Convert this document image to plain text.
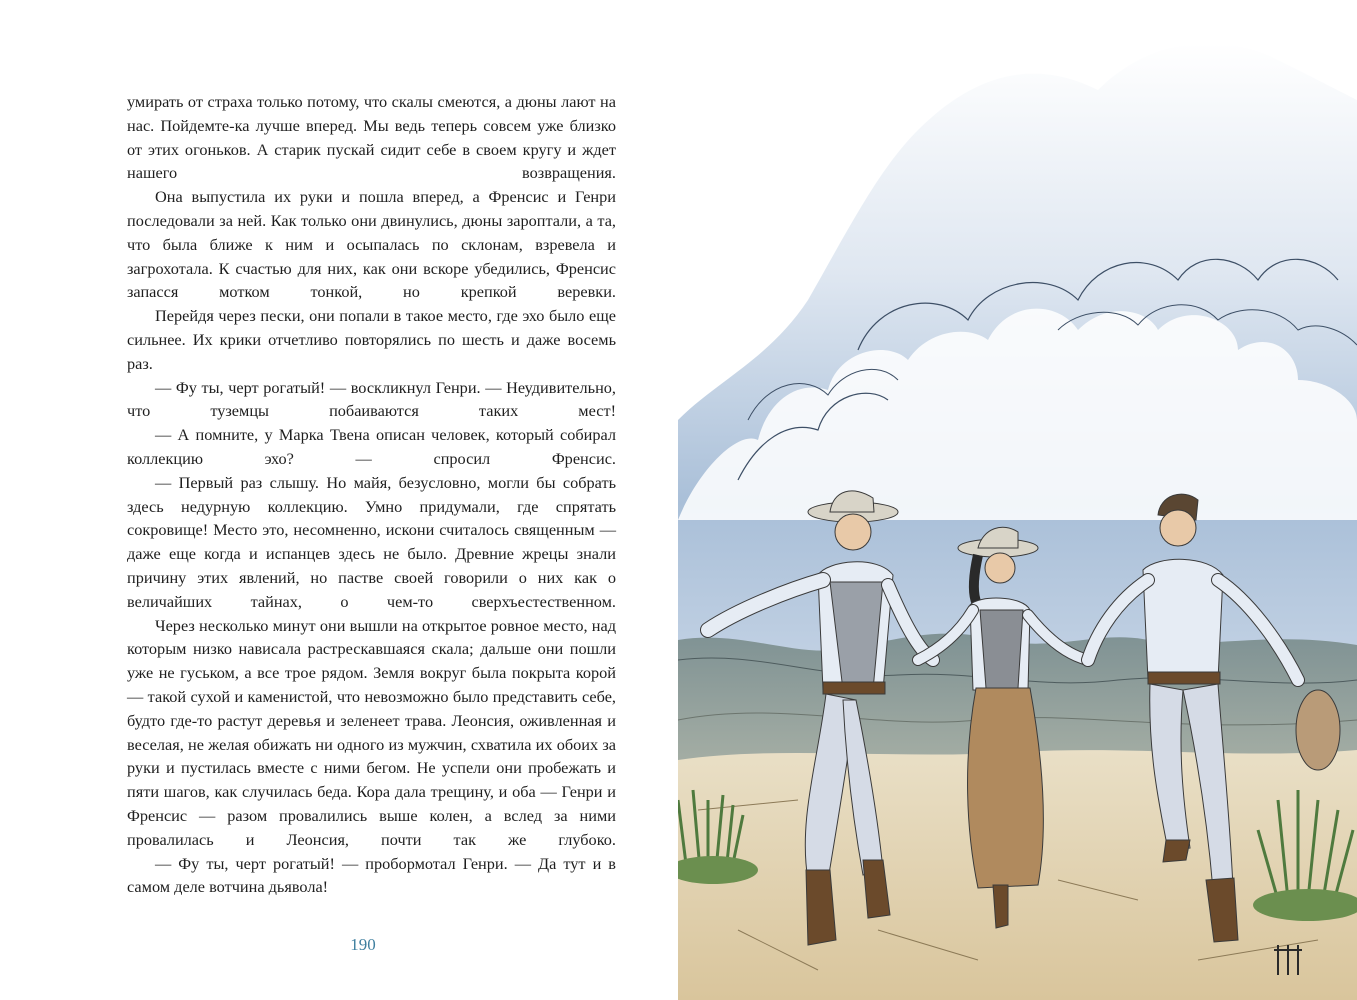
умирать от страха только потому, что скалы смеются, а дюны лают на нас. Пойдемте-ка лучше вперед. Мы ведь теперь совсем уже близко от этих огоньков. А старик пускай сидит себе в своем кругу и ждет нашего возвращения.

Она выпустила их руки и пошла вперед, а Френсис и Генри последовали за ней. Как только они двинулись, дюны зароптали, а та, что была ближе к ним и осыпалась по склонам, взревела и загрохотала. К счастью для них, как они вскоре убедились, Френсис запасся мотком тонкой, но крепкой веревки.

Перейдя через пески, они попали в такое место, где эхо было еще сильнее. Их крики отчетливо повторялись по шесть и даже восемь раз.

— Фу ты, черт рогатый! — воскликнул Генри. — Неудивительно, что туземцы побаиваются таких мест!

— А помните, у Марка Твена описан человек, который собирал коллекцию эхо? — спросил Френсис.

— Первый раз слышу. Но майя, безусловно, могли бы собрать здесь недурную коллекцию. Умно придумали, где спрятать сокровище! Место это, несомненно, искони считалось священным — даже еще когда и испанцев здесь не было. Древние жрецы знали причину этих явлений, но пастве своей говорили о них как о величайших тайнах, о чем-то сверхъестественном.

Через несколько минут они вышли на открытое ровное место, над которым низко нависала растрескавшаяся скала; дальше они пошли уже не гуськом, а все трое рядом. Земля вокруг была покрыта корой — такой сухой и каменистой, что невозможно было представить себе, будто где-то растут деревья и зеленеет трава. Леонсия, оживленная и веселая, не желая обижать ни одного из мужчин, схватила их обоих за руки и пустилась вместе с ними бегом. Не успели они пробежать и пяти шагов, как случилась беда. Кора дала трещину, и оба — Генри и Френсис — разом провалились выше колен, а вслед за ними провалилась и Леонсия, почти так же глубоко.

— Фу ты, черт рогатый! — пробормотал Генри. — Да тут и в самом деле вотчина дьявола!

190
